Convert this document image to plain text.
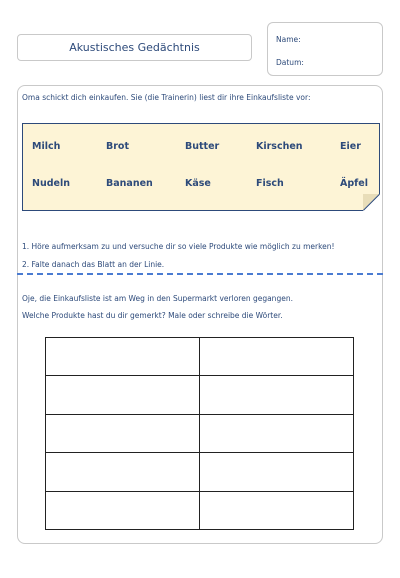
Akustisches Gedächtnis
Name:
Datum:
Oma schickt dich einkaufen. Sie (die Trainerin) liest dir ihre Einkaufsliste vor:
Milch	Brot	Butter	Kirschen	Eier
Nudeln	Bananen	Käse	Fisch	Äpfel
1. Höre aufmerksam zu und versuche dir so viele Produkte wie möglich zu merken!
2. Falte danach das Blatt an der Linie.
Oje, die Einkaufsliste ist am Weg in den Supermarkt verloren gegangen.
Welche Produkte hast du dir gemerkt? Male oder schreibe die Wörter.
